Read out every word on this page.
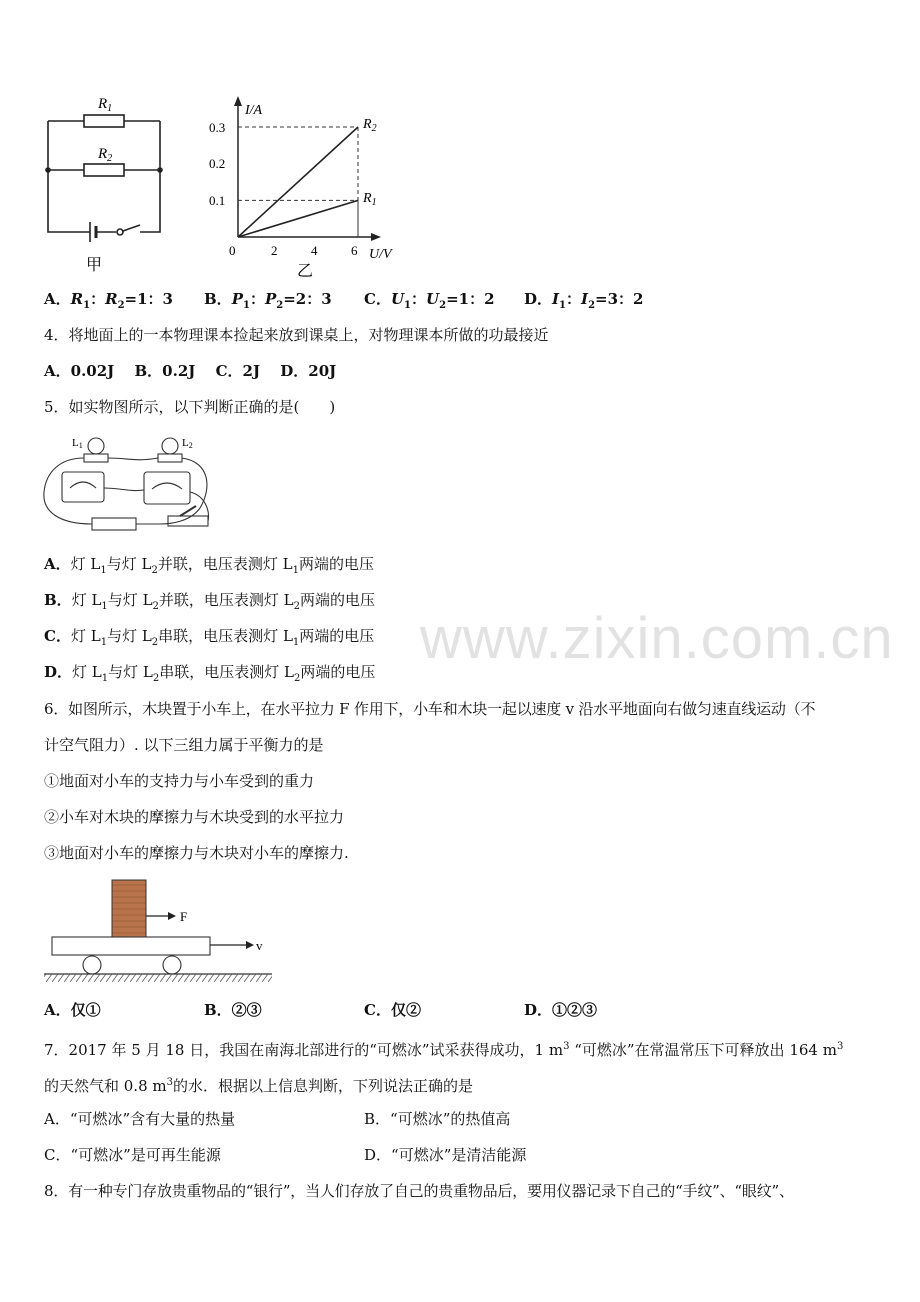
$R_1$
$R_2$
甲
I/A
U/V
0.3
0.2
0.1
0	2	4	6
$R_2$
$R_1$
乙
A．$R_1$：$R_2=1$：3 B．$P_1$：$P_2=2$：3 C．$U_1$：$U_2=1$：2 D．$I_1$：$I_2=3$：2
4．将地面上的一本物理课本捡起来放到课桌上，对物理课本所做的功最接近
A．0.02J　 B．0.2J　 C．2J　 D．20J
5．如实物图所示，以下判断正确的是(　　)
L1	L2
A．灯 $L_1$与灯 $L_2$并联，电压表测灯 $L_1$两端的电压
B．灯 $L_1$与灯 $L_2$并联，电压表测灯 $L_2$两端的电压
C．灯 $L_1$与灯 $L_2$串联，电压表测灯 $L_1$两端的电压
D．灯 $L_1$与灯 $L_2$串联，电压表测灯 $L_2$两端的电压
6．如图所示，木块置于小车上，在水平拉力 F 作用下，小车和木块一起以速度 v 沿水平地面向右做匀速直线运动（不
计空气阻力）. 以下三组力属于平衡力的是
①地面对小车的支持力与小车受到的重力
②小车对木块的摩擦力与木块受到的水平拉力
③地面对小车的摩擦力与木块对小车的摩擦力.
F
v
A．仅①	B．②③	C．仅②	D．①②③
7．2017 年 5 月 18 日，我国在南海北部进行的“可燃冰”试采获得成功，1 $m^3$ “可燃冰”在常温常压下可释放出 164 $m^3$
的天然气和 0.8 $m^3$的水．根据以上信息判断，下列说法正确的是
A．“可燃冰”含有大量的热量	B．“可燃冰”的热值高
C．“可燃冰”是可再生能源	D．“可燃冰”是清洁能源
8．有一种专门存放贵重物品的“银行”，当人们存放了自己的贵重物品后，要用仪器记录下自己的“手纹”、“眼纹”、
www.zixin.com.cn
